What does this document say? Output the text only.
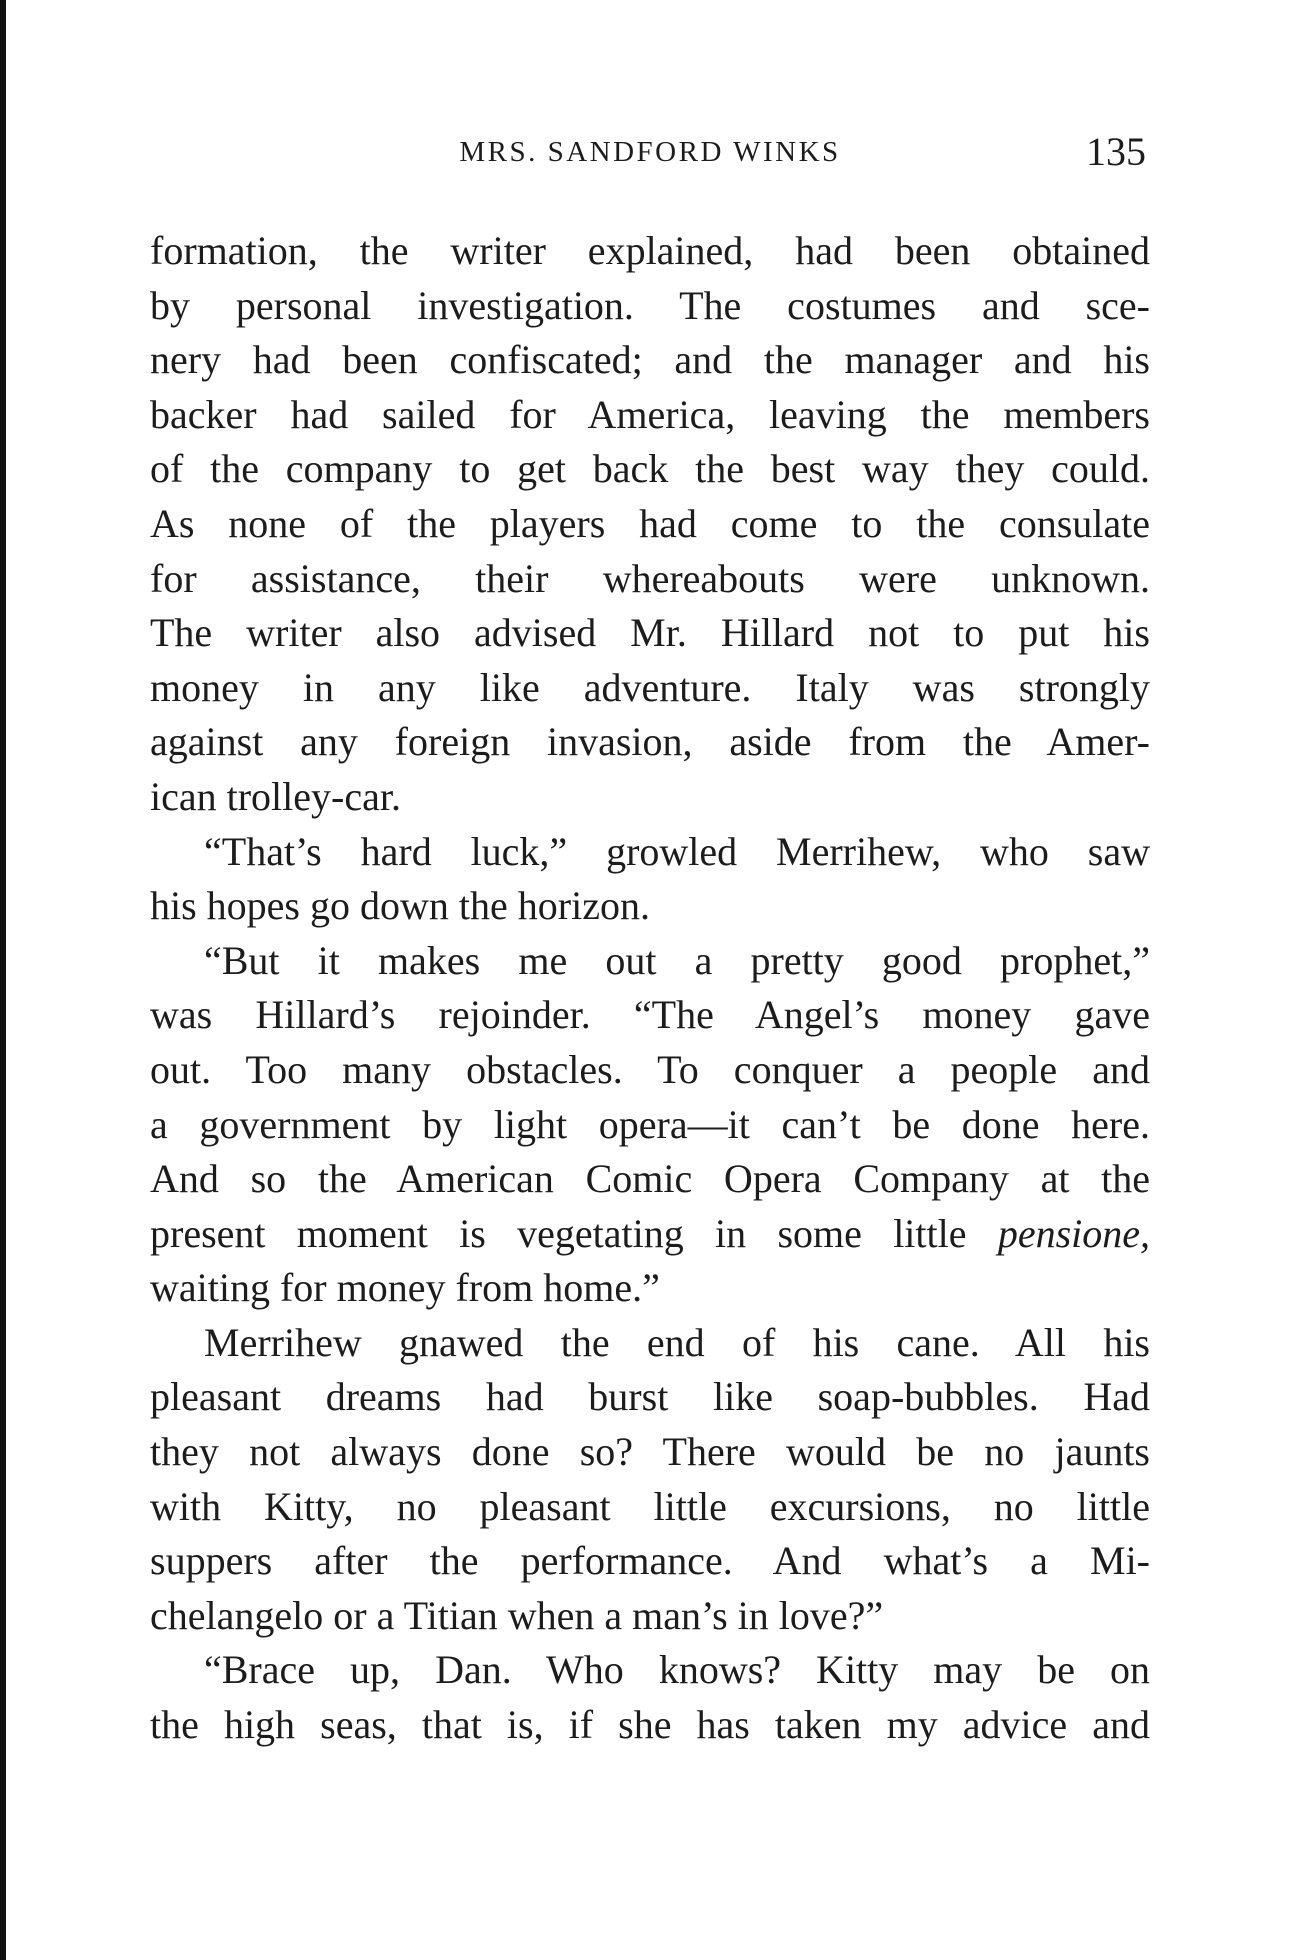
MRS. SANDFORD WINKS	135
formation, the writer explained, had been obtained
by personal investigation. The costumes and sce-
nery had been confiscated; and the manager and his
backer had sailed for America, leaving the members
of the company to get back the best way they could.
As none of the players had come to the consulate
for assistance, their whereabouts were unknown.
The writer also advised Mr. Hillard not to put his
money in any like adventure. Italy was strongly
against any foreign invasion, aside from the Amer-
ican trolley-car.
“That’s hard luck,” growled Merrihew, who saw
his hopes go down the horizon.
“But it makes me out a pretty good prophet,”
was Hillard’s rejoinder. “The Angel’s money gave
out. Too many obstacles. To conquer a people and
a government by light opera—it can’t be done here.
And so the American Comic Opera Company at the
present moment is vegetating in some little pensione,
waiting for money from home.”
Merrihew gnawed the end of his cane. All his
pleasant dreams had burst like soap-bubbles. Had
they not always done so? There would be no jaunts
with Kitty, no pleasant little excursions, no little
suppers after the performance. And what’s a Mi-
chelangelo or a Titian when a man’s in love?”
“Brace up, Dan. Who knows? Kitty may be on
the high seas, that is, if she has taken my advice and
